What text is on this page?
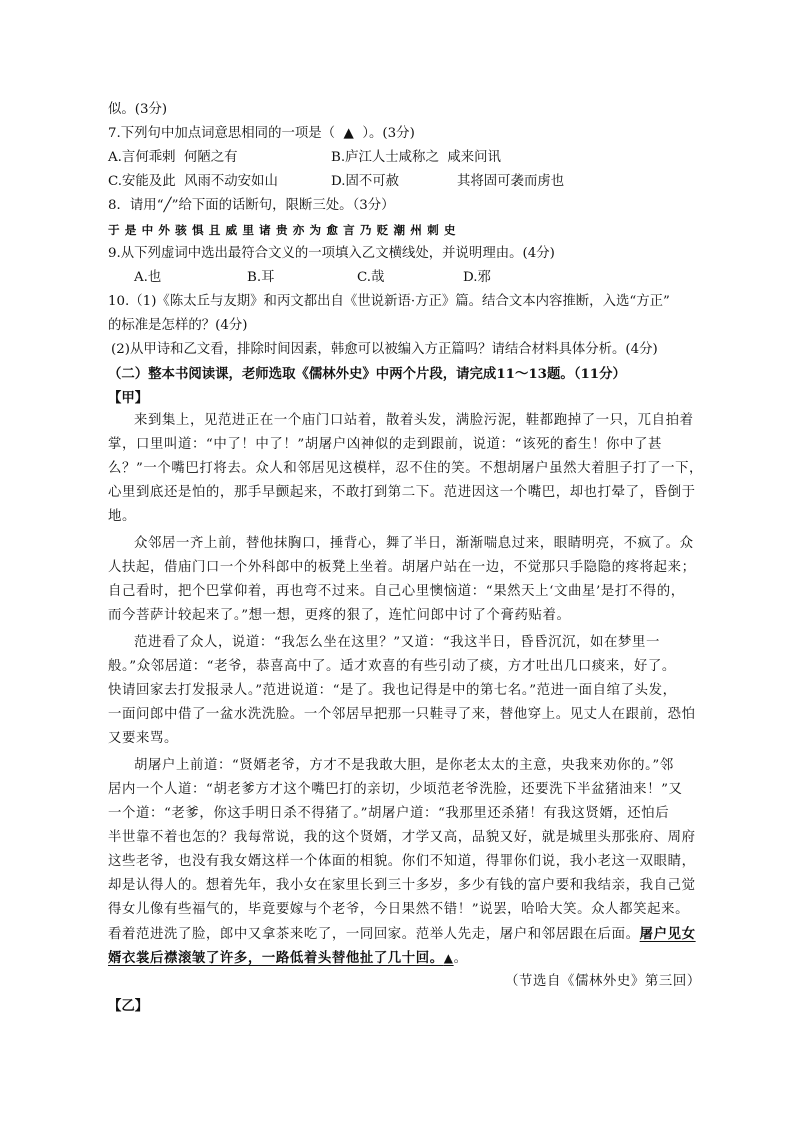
似。(3分)
7.下列句中加点词意思相同的一项是（  ▲  ）。(3分)
A.言何乖剌  何陋之有	B.庐江人士咸称之  咸来问讯
C.安能及此  风雨不动安如山	D.固不可赦	其将固可袭而虏也
8．请用“╱”给下面的话断句，限断三处。（3分）
于是中外骇惧且威里诸贵亦为愈言乃贬潮州刺史
9.从下列虚词中选出最符合文义的一项填入乙文横线处，并说明理由。(4分)
A.也	B.耳	C.哉	D.邪
10.（1)《陈太丘与友期》和丙文都出自《世说新语·方正》篇。结合文本内容推断，入选“方正”
的标准是怎样的？(4分)
(2)从甲诗和乙文看，排除时间因素，韩愈可以被编入方正篇吗？请结合材料具体分析。(4分)
（二）整本书阅读课，老师选取《儒林外史》中两个片段，请完成11～13题。（11分）
【甲】
来到集上，见范进正在一个庙门口站着，散着头发，满脸污泥，鞋都跑掉了一只，兀自拍着
掌，口里叫道：“中了！中了！”胡屠户凶神似的走到跟前，说道：“该死的畜生！你中了甚
么？”一个嘴巴打将去。众人和邻居见这模样，忍不住的笑。不想胡屠户虽然大着胆子打了一下，
心里到底还是怕的，那手早颤起来，不敢打到第二下。范进因这一个嘴巴，却也打晕了，昏倒于
地。
众邻居一齐上前，替他抹胸口，捶背心，舞了半日，渐渐喘息过来，眼睛明亮，不疯了。众
人扶起，借庙门口一个外科郎中的板凳上坐着。胡屠户站在一边，不觉那只手隐隐的疼将起来；
自己看时，把个巴掌仰着，再也弯不过来。自己心里懊恼道：“果然天上‘文曲星’是打不得的，
而今菩萨计较起来了。”想一想，更疼的狠了，连忙问郎中讨了个膏药贴着。
范进看了众人，说道：“我怎么坐在这里？”又道：“我这半日，昏昏沉沉，如在梦里一
般。”众邻居道：“老爷，恭喜高中了。适才欢喜的有些引动了痰，方才吐出几口痰来，好了。
快请回家去打发报录人。”范进说道：“是了。我也记得是中的第七名。”范进一面自绾了头发，
一面问郎中借了一盆水洗洗脸。一个邻居早把那一只鞋寻了来，替他穿上。见丈人在跟前，恐怕
又要来骂。
胡屠户上前道：“贤婿老爷，方才不是我敢大胆，是你老太太的主意，央我来劝你的。”邻
居内一个人道：“胡老爹方才这个嘴巴打的亲切，少顷范老爷洗脸，还要洗下半盆猪油来！”又
一个道：“老爹，你这手明日杀不得猪了。”胡屠户道：“我那里还杀猪！有我这贤婿，还怕后
半世靠不着也怎的？我每常说，我的这个贤婿，才学又高，品貌又好，就是城里头那张府、周府
这些老爷，也没有我女婿这样一个体面的相貌。你们不知道，得罪你们说，我小老这一双眼睛，
却是认得人的。想着先年，我小女在家里长到三十多岁，多少有钱的富户要和我结亲，我自己觉
得女儿像有些福气的，毕竟要嫁与个老爷，今日果然不错！”说罢，哈哈大笑。众人都笑起来。
看着范进洗了脸，郎中又拿茶来吃了，一同回家。范举人先走，屠户和邻居跟在后面。屠户见女
婿衣裳后襟滚皱了许多，一路低着头替他扯了几十回。▲。
（节选自《儒林外史》第三回）
【乙】
